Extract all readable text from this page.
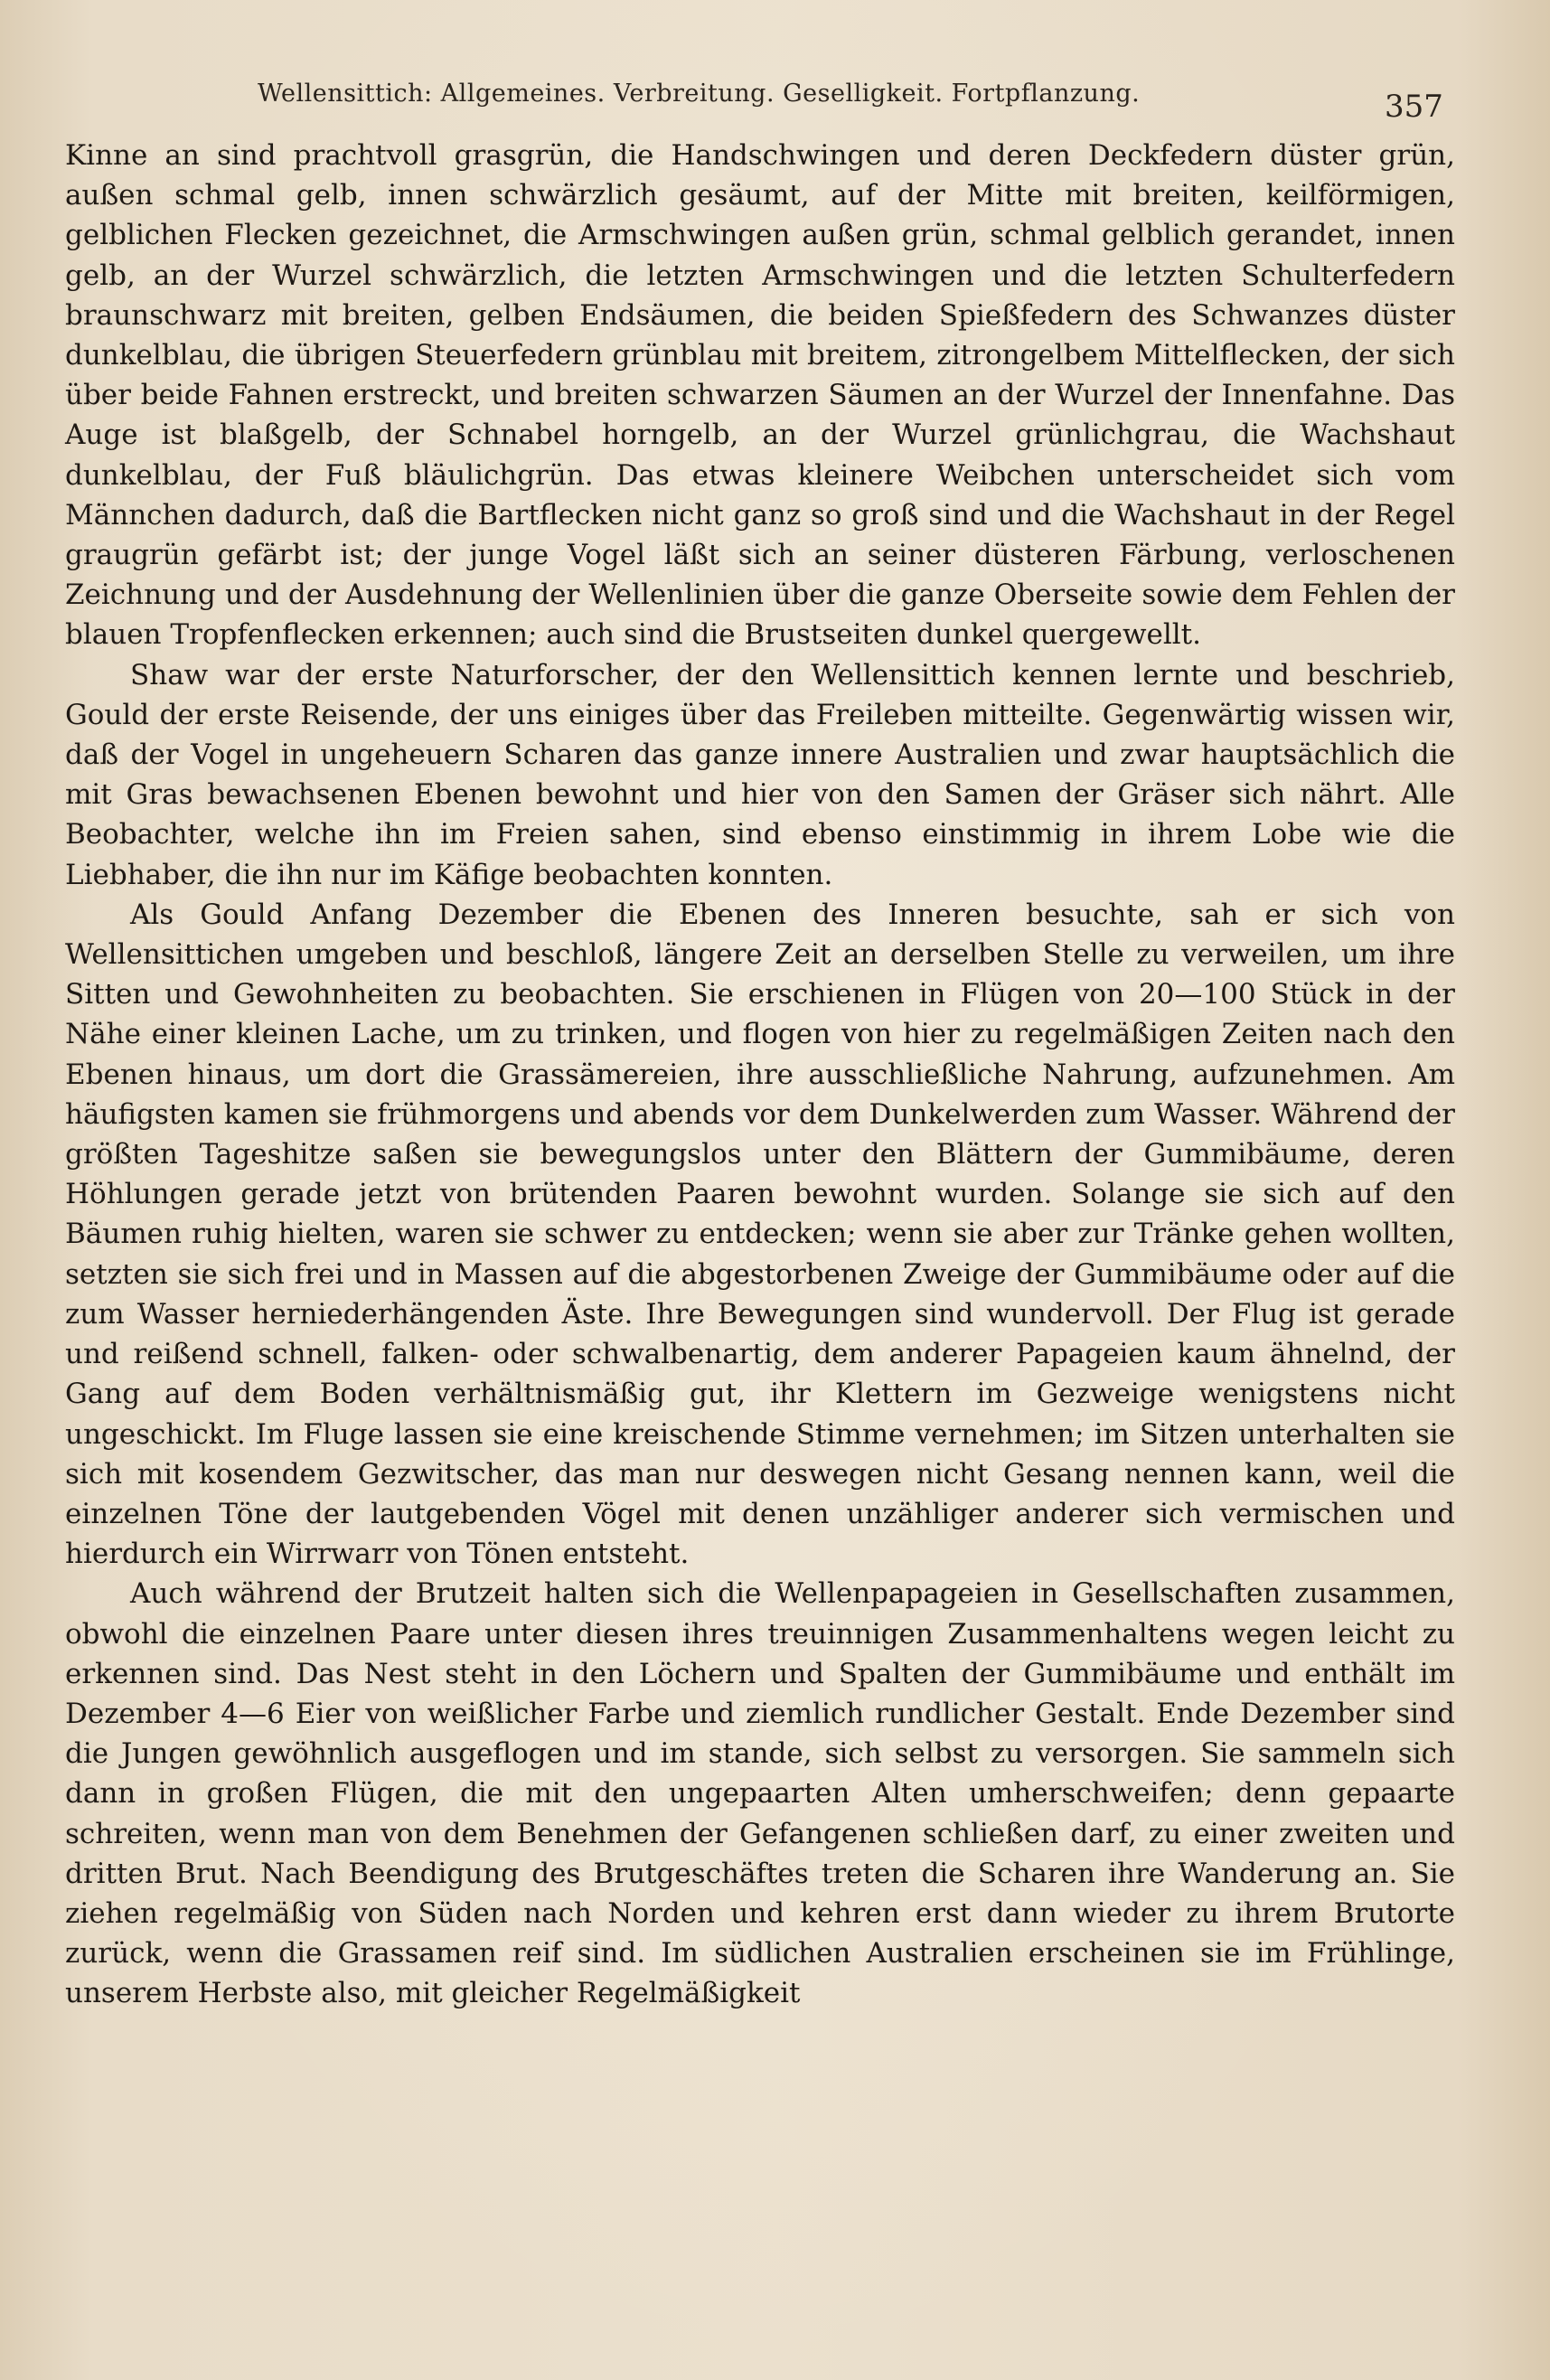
Wellensittich: Allgemeines. Verbreitung. Geselligkeit. Fortpflanzung.	357

Kinne an sind prachtvoll grasgrün, die Handschwingen und deren Deckfedern düster grün, außen schmal gelb, innen schwärzlich gesäumt, auf der Mitte mit breiten, keilförmigen, gelblichen Flecken gezeichnet, die Armschwingen außen grün, schmal gelblich gerandet, innen gelb, an der Wurzel schwärzlich, die letzten Armschwingen und die letzten Schulterfedern braunschwarz mit breiten, gelben Endsäumen, die beiden Spießfedern des Schwanzes düster dunkelblau, die übrigen Steuerfedern grünblau mit breitem, zitrongelbem Mittelflecken, der sich über beide Fahnen erstreckt, und breiten schwarzen Säumen an der Wurzel der Innenfahne. Das Auge ist blaßgelb, der Schnabel horngelb, an der Wurzel grünlichgrau, die Wachshaut dunkelblau, der Fuß bläulichgrün. Das etwas kleinere Weibchen unterscheidet sich vom Männchen dadurch, daß die Bartflecken nicht ganz so groß sind und die Wachshaut in der Regel graugrün gefärbt ist; der junge Vogel läßt sich an seiner düsteren Färbung, verloschenen Zeichnung und der Ausdehnung der Wellenlinien über die ganze Oberseite sowie dem Fehlen der blauen Tropfenflecken erkennen; auch sind die Brustseiten dunkel quergewellt.

Shaw war der erste Naturforscher, der den Wellensittich kennen lernte und beschrieb, Gould der erste Reisende, der uns einiges über das Freileben mitteilte. Gegenwärtig wissen wir, daß der Vogel in ungeheuern Scharen das ganze innere Australien und zwar hauptsächlich die mit Gras bewachsenen Ebenen bewohnt und hier von den Samen der Gräser sich nährt. Alle Beobachter, welche ihn im Freien sahen, sind ebenso einstimmig in ihrem Lobe wie die Liebhaber, die ihn nur im Käfige beobachten konnten.

Als Gould Anfang Dezember die Ebenen des Inneren besuchte, sah er sich von Wellensittichen umgeben und beschloß, längere Zeit an derselben Stelle zu verweilen, um ihre Sitten und Gewohnheiten zu beobachten. Sie erschienen in Flügen von 20—100 Stück in der Nähe einer kleinen Lache, um zu trinken, und flogen von hier zu regelmäßigen Zeiten nach den Ebenen hinaus, um dort die Grassämereien, ihre ausschließliche Nahrung, aufzunehmen. Am häufigsten kamen sie frühmorgens und abends vor dem Dunkelwerden zum Wasser. Während der größten Tageshitze saßen sie bewegungslos unter den Blättern der Gummibäume, deren Höhlungen gerade jetzt von brütenden Paaren bewohnt wurden. Solange sie sich auf den Bäumen ruhig hielten, waren sie schwer zu entdecken; wenn sie aber zur Tränke gehen wollten, setzten sie sich frei und in Massen auf die abgestorbenen Zweige der Gummibäume oder auf die zum Wasser herniederhängenden Äste. Ihre Bewegungen sind wundervoll. Der Flug ist gerade und reißend schnell, falken- oder schwalbenartig, dem anderer Papageien kaum ähnelnd, der Gang auf dem Boden verhältnismäßig gut, ihr Klettern im Gezweige wenigstens nicht ungeschickt. Im Fluge lassen sie eine kreischende Stimme vernehmen; im Sitzen unterhalten sie sich mit kosendem Gezwitscher, das man nur deswegen nicht Gesang nennen kann, weil die einzelnen Töne der lautgebenden Vögel mit denen unzähliger anderer sich vermischen und hierdurch ein Wirrwarr von Tönen entsteht.

Auch während der Brutzeit halten sich die Wellenpapageien in Gesellschaften zusammen, obwohl die einzelnen Paare unter diesen ihres treuinnigen Zusammenhaltens wegen leicht zu erkennen sind. Das Nest steht in den Löchern und Spalten der Gummibäume und enthält im Dezember 4—6 Eier von weißlicher Farbe und ziemlich rundlicher Gestalt. Ende Dezember sind die Jungen gewöhnlich ausgeflogen und im stande, sich selbst zu versorgen. Sie sammeln sich dann in großen Flügen, die mit den ungepaarten Alten umherschweifen; denn gepaarte schreiten, wenn man von dem Benehmen der Gefangenen schließen darf, zu einer zweiten und dritten Brut. Nach Beendigung des Brutgeschäftes treten die Scharen ihre Wanderung an. Sie ziehen regelmäßig von Süden nach Norden und kehren erst dann wieder zu ihrem Brutorte zurück, wenn die Grassamen reif sind. Im südlichen Australien erscheinen sie im Frühlinge, unserem Herbste also, mit gleicher Regelmäßigkeit
